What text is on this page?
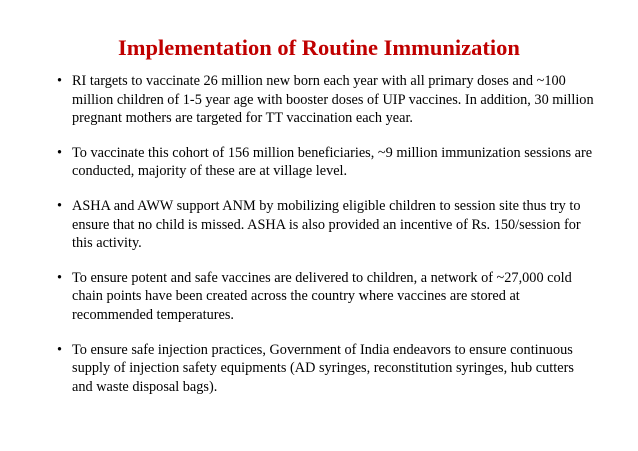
Implementation of Routine Immunization
• RI targets to vaccinate 26 million new born each year with all primary doses and ~100 million children of 1-5 year age with booster doses of UIP vaccines. In addition, 30 million pregnant mothers are targeted for TT vaccination each year.
• To vaccinate this cohort of 156 million beneficiaries, ~9 million immunization sessions are conducted, majority of these are at village level.
• ASHA and AWW support ANM by mobilizing eligible children to session site thus try to ensure that no child is missed. ASHA is also provided an incentive of Rs. 150/session for this activity.
• To ensure potent and safe vaccines are delivered to children, a network of ~27,000 cold chain points have been created across the country where vaccines are stored at recommended temperatures.
• To ensure safe injection practices, Government of India endeavors to ensure continuous supply of injection safety equipments (AD syringes, reconstitution syringes, hub cutters and waste disposal bags).
